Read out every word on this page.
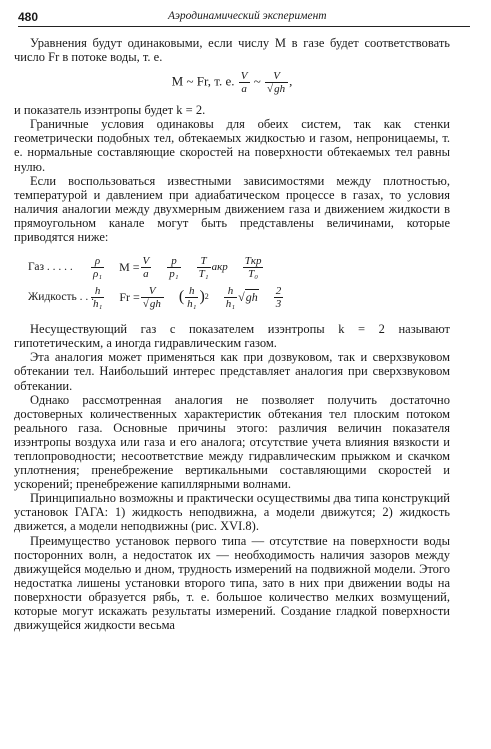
480	Аэродинамический эксперимент

Уравнения будут одинаковыми, если числу M в газе будет соответствовать число Fr в потоке воды, т. е.

M ~ Fr, т. е. $\frac{V}{a}$ ~ $\frac{V}{√gh}$ ,

и показатель изэнтропы будет k = 2.

Граничные условия одинаковы для обеих систем, так как стенки геометрически подобных тел, обтекаемых жидкостью и газом, непроницаемы, т. е. нормальные составляющие скоростей на поверхности обтекаемых тел равны нулю.

Если воспользоваться известными зависимостями между плотностью, температурой и давлением при адиабатическом процессе в газах, то условия наличия аналогии между двухмерным движением газа и движением жидкости в прямоугольном канале могут быть представлены величинами, которые приводятся ниже:

Газ . . . . .	$\frac{\rho}{\text{ρ₁}}$ $M = \frac{V}{a} \frac{p}{\text{p₁}} \frac{T}{\text{T₁}}$ aкр $\frac{\text{Tкр}}{\text{T₀}}$
Жидкость . . .
$\frac{h}{\text{h₁}}$ $Fr = \frac{V}{√gh}$ ( $\frac{h}{\text{h₁}}$ ) $2 \frac{h}{\text{h₁}} √gh \frac{2}{3}$

Несуществующий газ с показателем изэнтропы k = 2 называют гипотетическим, а иногда гидравлическим газом.

Эта аналогия может применяться как при дозвуковом, так и сверхзвуковом обтекании тел. Наибольший интерес представляет аналогия при сверхзвуковом обтекании.

Однако рассмотренная аналогия не позволяет получить достаточно достоверных количественных характеристик обтекания тел плоским потоком реального газа. Основные причины этого: различия величин показателя изэнтропы воздуха или газа и его аналога; отсутствие учета влияния вязкости и теплопроводности; несоответствие между гидравлическим прыжком и скачком уплотнения; пренебрежение вертикальными составляющими скоростей и ускорений; пренебрежение капиллярными волнами.

Принципиально возможны и практически осуществимы два типа конструкций установок ГАГА: 1) жидкость неподвижна, а модели движутся; 2) жидкость движется, а модели неподвижны (рис. XVI.8).

Преимущество установок первого типа — отсутствие на поверхности воды посторонних волн, а недостаток их — необходимость наличия зазоров между движущейся моделью и дном, трудность измерений на подвижной модели. Этого недостатка лишены установки второго типа, зато в них при движении воды на поверхности образуется рябь, т. е. большое количество мелких возмущений, которые могут искажать результаты измерений. Создание гладкой поверхности движущейся жидкости весьма
